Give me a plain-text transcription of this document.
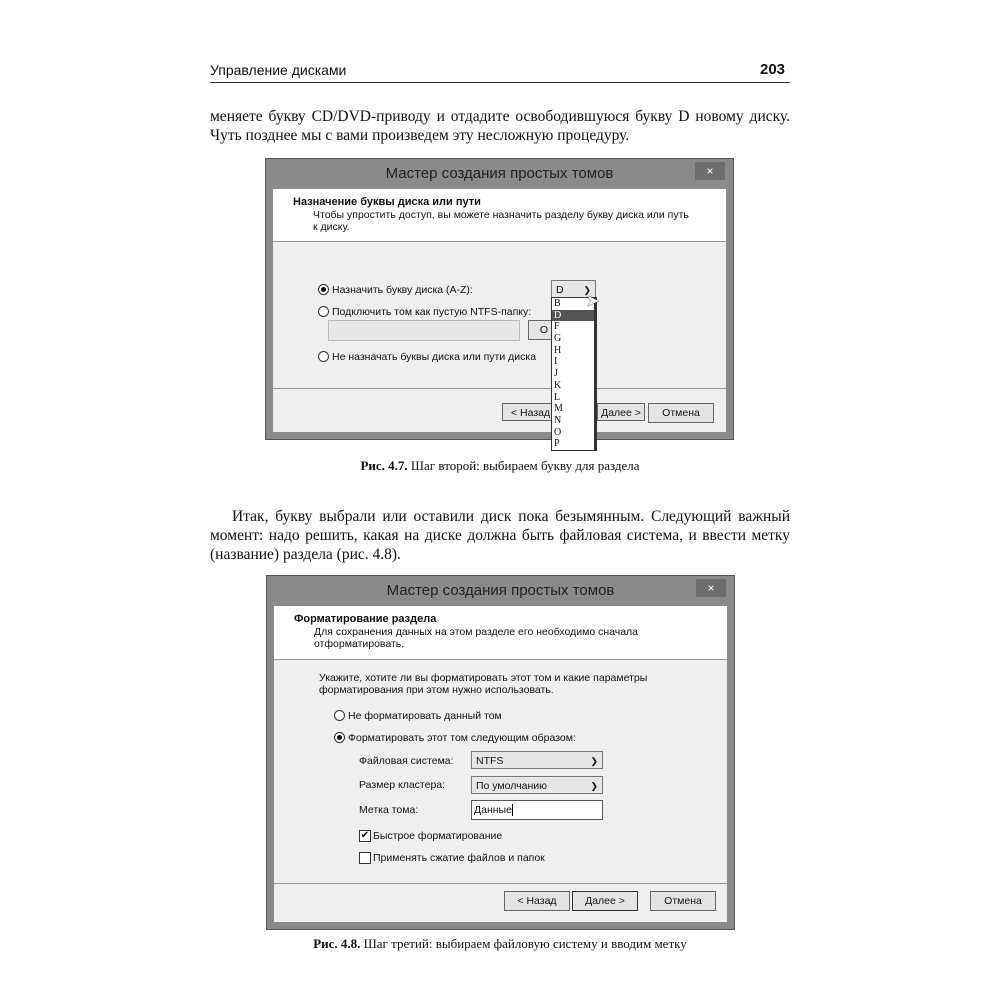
Управление дисками	203
меняете букву CD/DVD-приводу и отдадите освободившуюся букву D новому диску.
Чуть позднее мы с вами произведем эту несложную процедуру.
Мастер создания простых томов	×
Назначение буквы диска или пути
Чтобы упростить доступ, вы можете назначить разделу букву диска или путь к диску.
Назначить букву диска (A-Z):
Подключить том как пустую NTFS-папку:
О
Не назначать буквы диска или пути диска
< Назад	Далее >	Отмена
D ❯
B
D
F
G
H
I
J
K
L
M
N
O
P
➤
Рис. 4.7. Шаг второй: выбираем букву для раздела
Итак, букву выбрали или оставили диск пока безымянным. Следующий важный
момент: надо решить, какая на диске должна быть файловая система, и ввести метку
(название) раздела (рис. 4.8).
Мастер создания простых томов	×
Форматирование раздела
Для сохранения данных на этом разделе его необходимо сначала отформатировать.
Укажите, хотите ли вы форматировать этот том и какие параметры форматирования при этом нужно использовать.
Не форматировать данный том
Форматировать этот том следующим образом:
Файловая система:	NTFS	❯
Размер кластера:	По умолчанию	❯
Метка тома:	Данные
✔ Быстрое форматирование
Применять сжатие файлов и папок
< Назад	Далее >	Отмена
Рис. 4.8. Шаг третий: выбираем файловую систему и вводим метку
